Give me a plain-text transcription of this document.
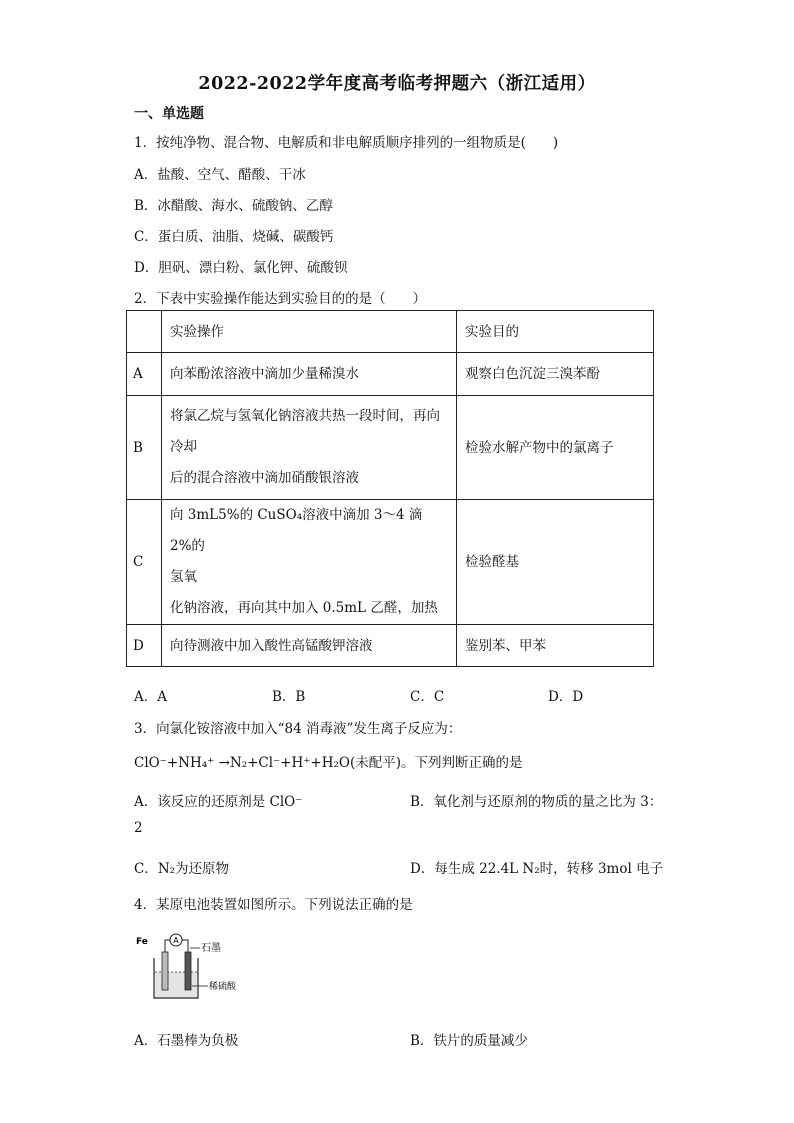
2022-2022学年度高考临考押题六（浙江适用）
一、单选题
1．按纯净物、混合物、电解质和非电解质顺序排列的一组物质是(　　)
A．盐酸、空气、醋酸、干冰
B．冰醋酸、海水、硫酸钠、乙醇
C．蛋白质、油脂、烧碱、碳酸钙
D．胆矾、漂白粉、氯化钾、硫酸钡
2．下表中实验操作能达到实验目的的是（　　）
	实验操作	实验目的
A	向苯酚浓溶液中滴加少量稀溴水	观察白色沉淀三溴苯酚
B	将氯乙烷与氢氧化钠溶液共热一段时间，再向
冷却
后的混合溶液中滴加硝酸银溶液	检验水解产物中的氯离子
C	向 3mL5%的 CuSO₄溶液中滴加 3～4 滴 2%的
氢氧
化钠溶液，再向其中加入 0.5mL 乙醛，加热	检验醛基
D	向待测液中加入酸性高锰酸钾溶液	鉴别苯、甲苯
A．A	B．B	C．C	D．D
3．向氯化铵溶液中加入“84 消毒液”发生离子反应为：
ClO⁻+NH₄⁺ →N₂+Cl⁻+H⁺+H₂O(未配平)。下列判断正确的是
A．该反应的还原剂是 ClO⁻	B．氧化剂与还原剂的物质的量之比为 3：
2
C．N₂为还原物	D．每生成 22.4L N₂时，转移 3mol 电子
4．某原电池装置如图所示。下列说法正确的是
Fe	A
石墨
稀硫酸
A．石墨棒为负极	B．铁片的质量减少
